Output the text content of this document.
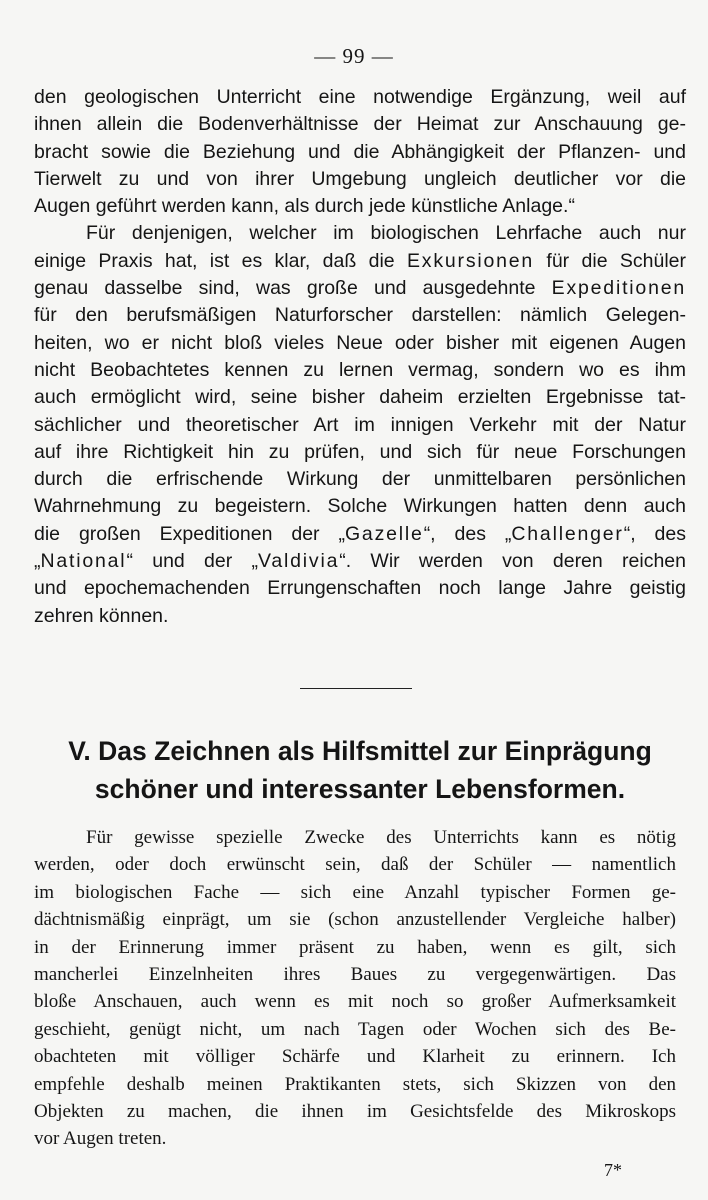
— 99 —
den geologischen Unterricht eine notwendige Ergänzung, weil auf
ihnen allein die Bodenverhältnisse der Heimat zur Anschauung ge-
bracht sowie die Beziehung und die Abhängigkeit der Pflanzen- und
Tierwelt zu und von ihrer Umgebung ungleich deutlicher vor die
Augen geführt werden kann, als durch jede künstliche Anlage.“
Für denjenigen, welcher im biologischen Lehrfache auch nur
einige Praxis hat, ist es klar, daß die Exkursionen für die Schüler
genau dasselbe sind, was große und ausgedehnte Expeditionen
für den berufsmäßigen Naturforscher darstellen: nämlich Gelegen-
heiten, wo er nicht bloß vieles Neue oder bisher mit eigenen Augen
nicht Beobachtetes kennen zu lernen vermag, sondern wo es ihm
auch ermöglicht wird, seine bisher daheim erzielten Ergebnisse tat-
sächlicher und theoretischer Art im innigen Verkehr mit der Natur
auf ihre Richtigkeit hin zu prüfen, und sich für neue Forschungen
durch die erfrischende Wirkung der unmittelbaren persönlichen
Wahrnehmung zu begeistern. Solche Wirkungen hatten denn auch
die großen Expeditionen der „Gazelle“, des „Challenger“, des
„National“ und der „Valdivia“. Wir werden von deren reichen
und epochemachenden Errungenschaften noch lange Jahre geistig
zehren können.
V. Das Zeichnen als Hilfsmittel zur Einprägung
schöner und interessanter Lebensformen.
Für gewisse spezielle Zwecke des Unterrichts kann es nötig
werden, oder doch erwünscht sein, daß der Schüler — namentlich
im biologischen Fache — sich eine Anzahl typischer Formen ge-
dächtnismäßig einprägt, um sie (schon anzustellender Vergleiche halber)
in der Erinnerung immer präsent zu haben, wenn es gilt, sich
mancherlei Einzelnheiten ihres Baues zu vergegenwärtigen. Das
bloße Anschauen, auch wenn es mit noch so großer Aufmerksamkeit
geschieht, genügt nicht, um nach Tagen oder Wochen sich des Be-
obachteten mit völliger Schärfe und Klarheit zu erinnern. Ich
empfehle deshalb meinen Praktikanten stets, sich Skizzen von den
Objekten zu machen, die ihnen im Gesichtsfelde des Mikroskops
vor Augen treten.
7*
